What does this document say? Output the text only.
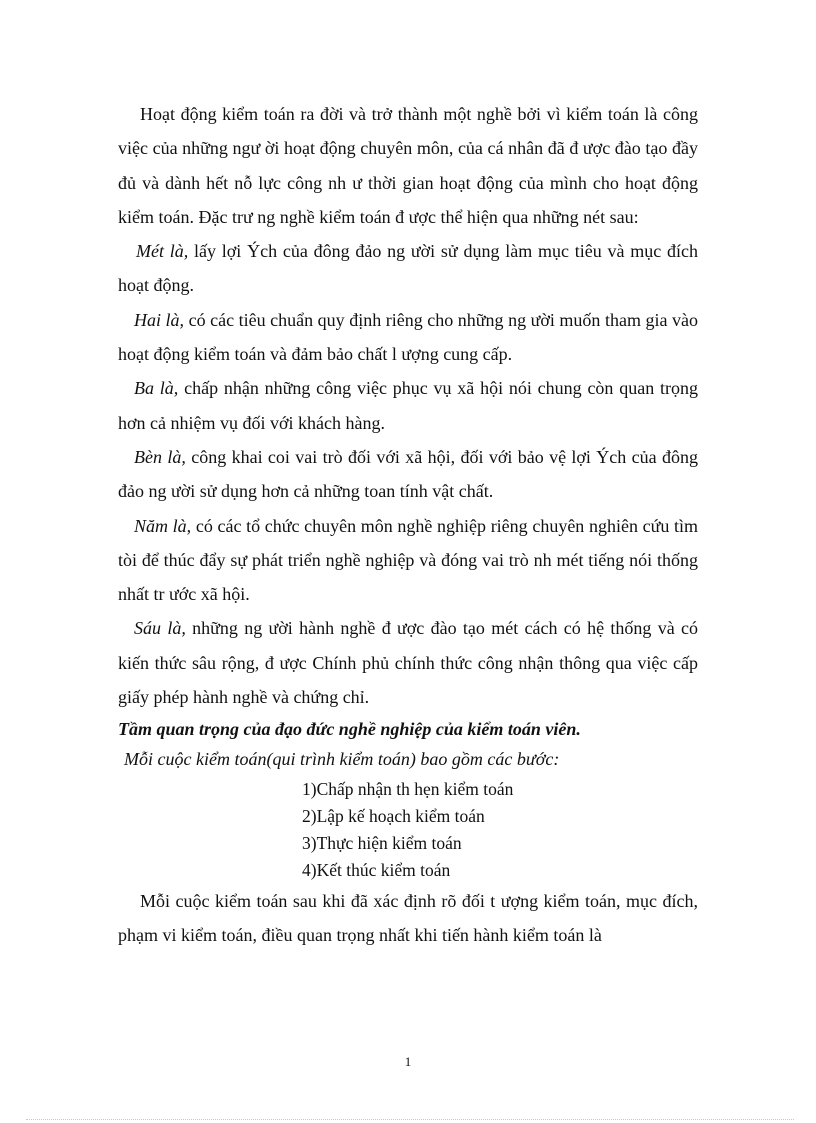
Hoạt động kiểm toán ra đời và trở thành một nghề bởi vì kiểm toán là công việc của những ngư ời hoạt động chuyên môn, của cá nhân đã đ ược đào tạo đầy đủ và dành hết nỗ lực công nh ư thời gian hoạt động của mình cho hoạt động kiểm toán. Đặc trư ng nghề kiểm toán đ ược thể hiện qua những nét sau:

Mét là, lấy lợi Ých của đông đảo ng ười sử dụng làm mục tiêu và mục đích hoạt động.

Hai là, có các tiêu chuẩn quy định riêng cho những ng ười muốn tham gia vào hoạt động kiểm toán và đảm bảo chất l ượng cung cấp.

Ba là, chấp nhận những công việc phục vụ xã hội nói chung còn quan trọng hơn cả nhiệm vụ đối với khách hàng.

Bèn là, công khai coi vai trò đối với xã hội, đối với bảo vệ lợi Ých của đông đảo ng ười sử dụng hơn cả những toan tính vật chất.

Năm là, có các tổ chức chuyên môn nghề nghiệp riêng chuyên nghiên cứu tìm tòi để thúc đẩy sự phát triển nghề nghiệp và đóng vai trò nh mét tiếng nói thống nhất tr ước xã hội.

Sáu là, những ng ười hành nghề đ ược đào tạo mét cách có hệ thống và có kiến thức sâu rộng, đ ược Chính phủ chính thức công nhận thông qua việc cấp giấy phép hành nghề và chứng chỉ.

Tầm quan trọng của đạo đức nghề nghiệp của kiểm toán viên.

Mỗi cuộc kiểm toán(qui trình kiểm toán) bao gồm các bước:

1)Chấp nhận th hẹn kiểm toán
2)Lập kế hoạch kiểm toán
3)Thực hiện kiểm toán
4)Kết thúc kiểm toán

Mỗi cuộc kiểm toán sau khi đã xác định rõ đối t ượng kiểm toán, mục đích, phạm vi kiểm toán, điều quan trọng nhất khi tiến hành kiểm toán là

1
